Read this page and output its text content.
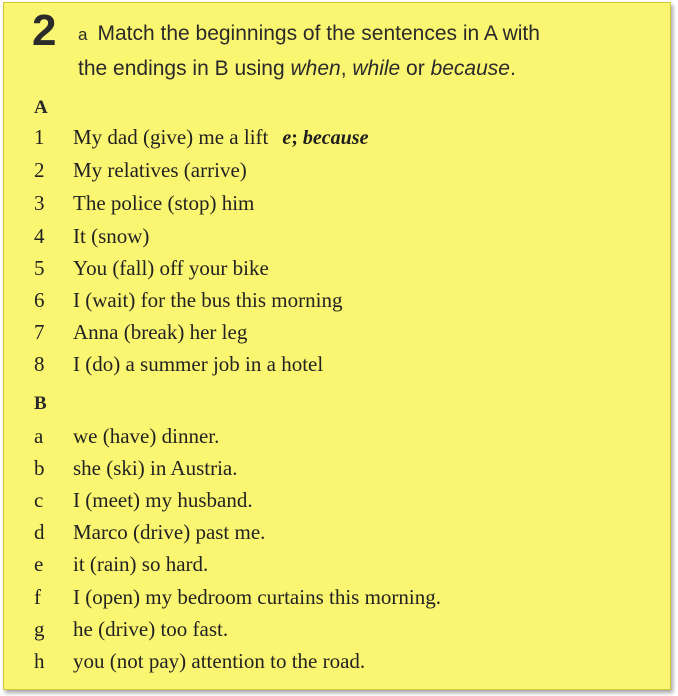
2 a Match the beginnings of the sentences in A with
the endings in B using when, while or because.
A
1 My dad (give) me a lift e; because
2 My relatives (arrive)
3 The police (stop) him
4 It (snow)
5 You (fall) off your bike
6 I (wait) for the bus this morning
7 Anna (break) her leg
8 I (do) a summer job in a hotel
B
a we (have) dinner.
b she (ski) in Austria.
c I (meet) my husband.
d Marco (drive) past me.
e it (rain) so hard.
f I (open) my bedroom curtains this morning.
g he (drive) too fast.
h you (not pay) attention to the road.
